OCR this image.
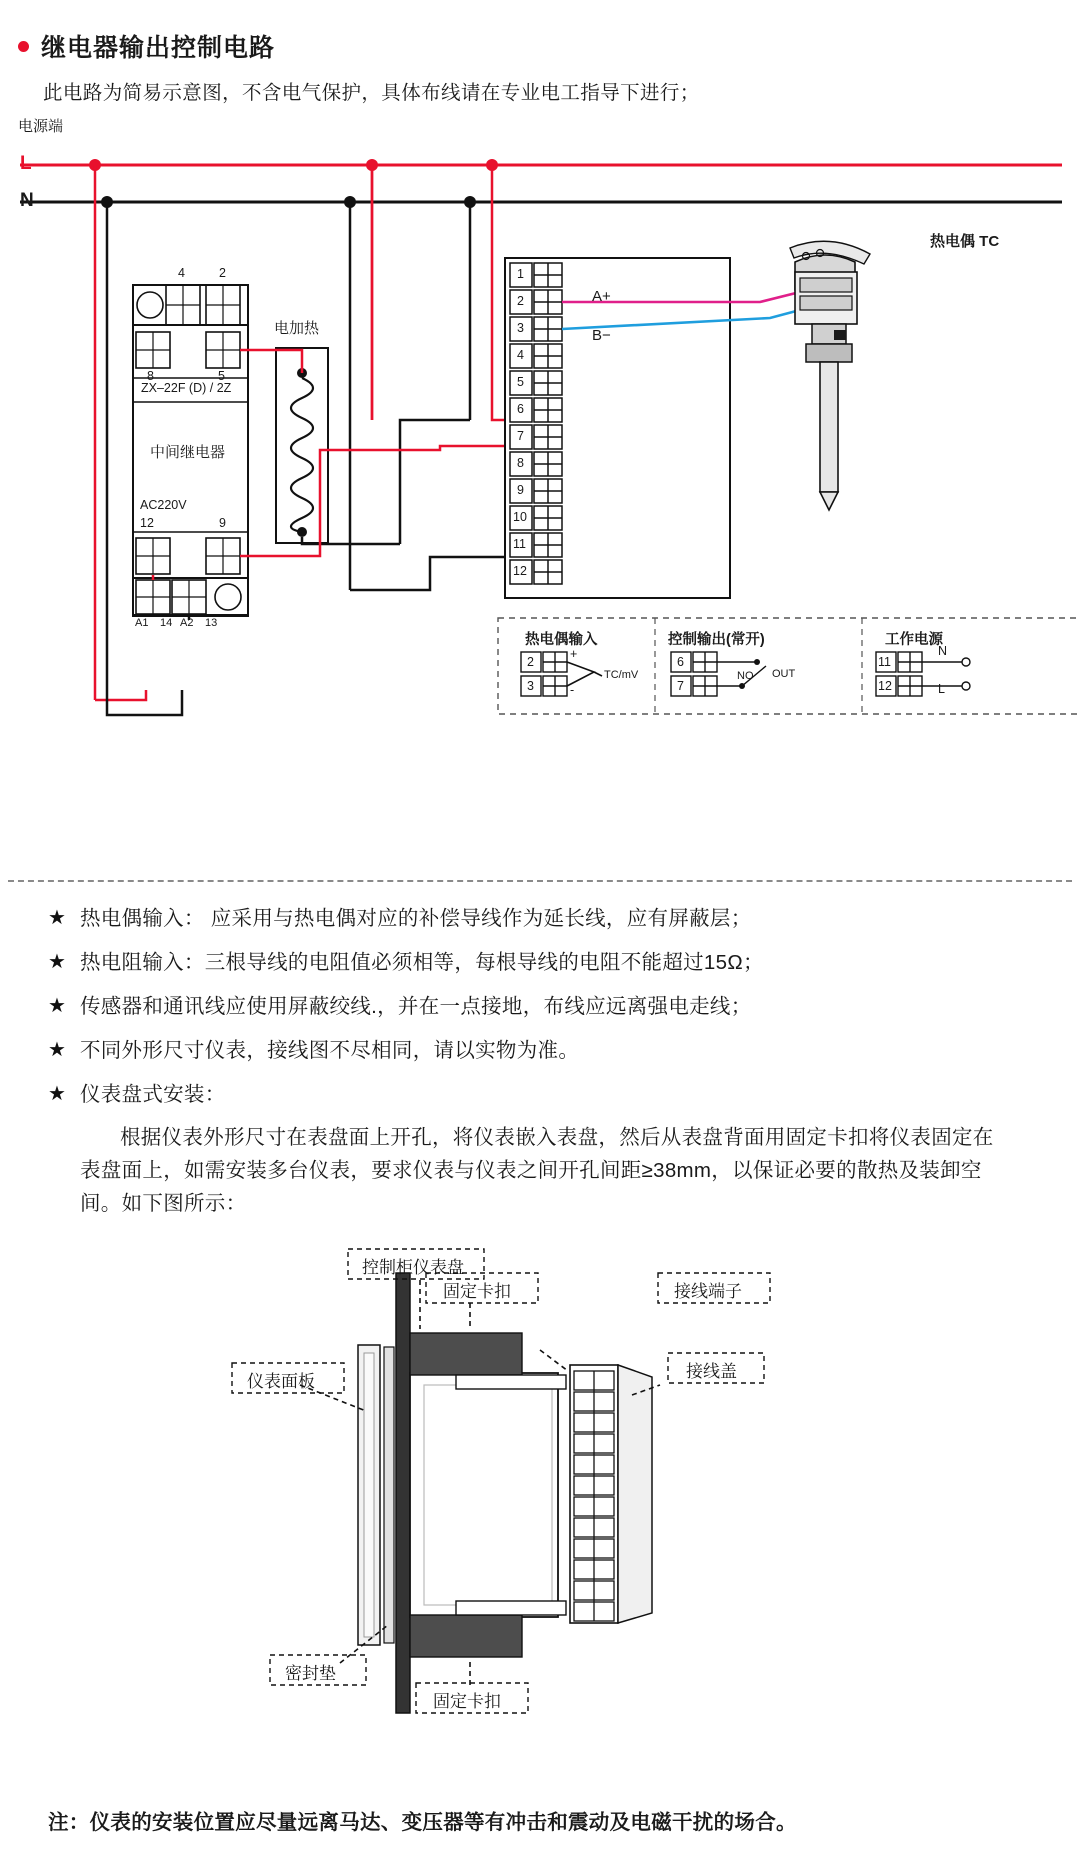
继电器输出控制电路
此电路为简易示意图，不含电气保护，具体布线请在专业电工指导下进行；
电源端
L
N
4	2
8	5
12	9
A1 14 A2 13
ZX–22F (D) / 2Z
中间继电器
AC220V
电加热
热电偶 TC
1
2
3
4
5
6
7
8
9
10
11
12
A+
B−
热电偶输入
2
3
+
-
TC/mV
控制输出(常开)
6
7
NO OUT
工作电源
11
12
N
L
★ 热电偶输入： 应采用与热电偶对应的补偿导线作为延长线，应有屏蔽层；
★ 热电阻输入：三根导线的电阻值必须相等，每根导线的电阻不能超过15Ω；
★ 传感器和通讯线应使用屏蔽绞线.，并在一点接地，布线应远离强电走线；
★ 不同外形尺寸仪表，接线图不尽相同，请以实物为准。
★ 仪表盘式安装：
根据仪表外形尺寸在表盘面上开孔，将仪表嵌入表盘，然后从表盘背面用固定卡扣将仪表固定在表盘面上，如需安装多台仪表，要求仪表与仪表之间开孔间距≥38mm，以保证必要的散热及装卸空间。如下图所示：
控制柜仪表盘
固定卡扣	接线端子
接线盖
仪表面板
密封垫
固定卡扣
注：仪表的安装位置应尽量远离马达、变压器等有冲击和震动及电磁干扰的场合。
